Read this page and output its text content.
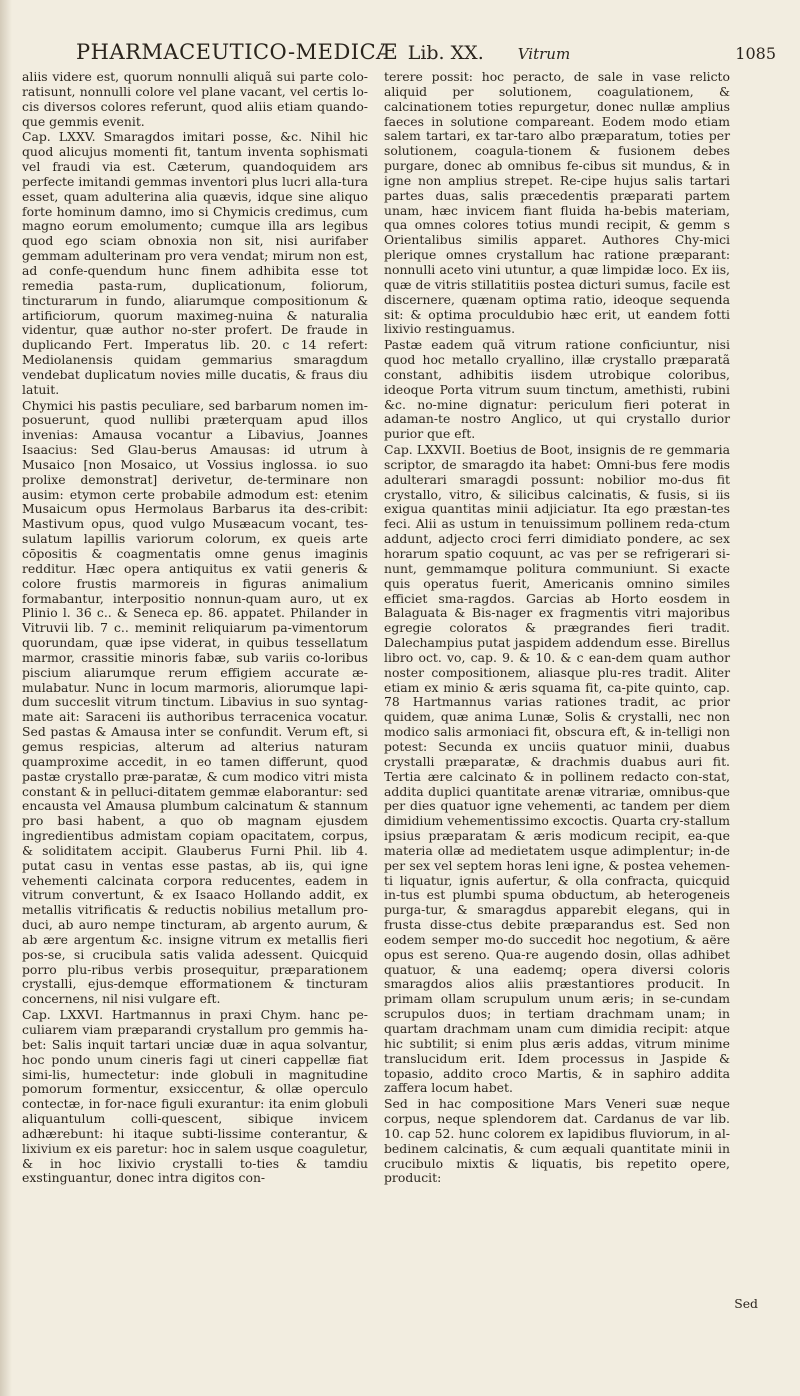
PHARMACEUTICO-MEDICÆ Lib. XX. Vitrum	1085

aliis videre est, quorum nonnulli aliquã sui parte colo-ratisunt, nonnulli colore vel plane vacant, vel certis lo-cis diversos colores referunt, quod aliis etiam quando-que gemmis evenit.

Cap. LXXV. Smaragdos imitari posse, &c. Nihil hic quod alicujus momenti fit, tantum inventa sophismati vel fraudi via est. Cæterum, quandoquidem ars perfecte imitandi gemmas inventori plus lucri alla-tura esset, quam adulterina alia quævis, idque sine aliquo forte hominum damno, imo si Chymicis credimus, cum magno eorum emolumento; cumque illa ars legibus quod ego sciam obnoxia non sit, nisi aurifaber gemmam adulterinam pro vera vendat; mirum non est, ad confe-quendum hunc finem adhibita esse tot remedia pasta-rum, duplicationum, foliorum, tincturarum in fundo, aliarumque compositionum & artificiorum, quorum maximeg-nuina & naturalia videntur, quæ author no-ster profert. De fraude in duplicando Fert. Imperatus lib. 20. c 14 refert: Mediolanensis quidam gemmarius smaragdum vendebat duplicatum novies mille ducatis, & fraus diu latuit.

Chymici his pastis peculiare, sed barbarum nomen im-posuerunt, quod nullibi præterquam apud illos invenias: Amausa vocantur a Libavius, Joannes Isaacius: Sed Glau-berus Amausas: id utrum à Musaico [non Mosaico, ut Vossius inglossa. io suo prolixe demonstrat] derivetur, de-terminare non ausim: etymon certe probabile admodum est: etenim Musaicum opus Hermolaus Barbarus ita des-cribit: Mastivum opus, quod vulgo Musæacum vocant, tes-sulatum lapillis variorum colorum, ex queis arte cōpositis & coagmentatis omne genus imaginis redditur. Hæc opera antiquitus ex vatii generis & colore frustis marmoreis in figuras animalium formabantur, interpositio nonnun-quam auro, ut ex Plinio l. 36 c.. & Seneca ep. 86. appatet. Philander in Vitruvii lib. 7 c.. meminit reliquiarum pa-vimentorum quorundam, quæ ipse viderat, in quibus tessellatum marmor, crassitie minoris fabæ, sub variis co-loribus piscium aliarumque rerum effigiem accurate æ-mulabatur. Nunc in locum marmoris, aliorumque lapi-dum succeslit vitrum tinctum. Libavius in suo syntag-mate ait: Saraceni iis authoribus terracenica vocatur. Sed pastas & Amausa inter se confundit. Verum eft, si gemus respicias, alterum ad alterius naturam quamproxime accedit, in eo tamen differunt, quod pastæ crystallo præ-paratæ, & cum modico vitri mista constant & in pelluci-ditatem gemmæ elaborantur: sed encausta vel Amausa plumbum calcinatum & stannum pro basi habent, a quo ob magnam ejusdem ingredientibus admistam copiam opacitatem, corpus, & soliditatem accipit. Glauberus Furni Phil. lib 4. putat casu in ventas esse pastas, ab iis, qui igne vehementi calcinata corpora reducentes, eadem in vitrum convertunt, & ex Isaaco Hollando addit, ex metallis vitrificatis & reductis nobilius metallum pro-duci, ab auro nempe tincturam, ab argento aurum, & ab ære argentum &c. insigne vitrum ex metallis fieri pos-se, si crucibula satis valida adessent. Quicquid porro plu-ribus verbis prosequitur, præparationem crystalli, ejus-demque efformationem & tincturam concernens, nil nisi vulgare eft.

Cap. LXXVI. Hartmannus in praxi Chym. hanc pe-culiarem viam præparandi crystallum pro gemmis ha-bet: Salis inquit tartari unciæ duæ in aqua solvantur, hoc pondo unum cineris fagi ut cineri cappellæ fiat simi-lis, humectetur: inde globuli in magnitudine pomorum formentur, exsiccentur, & ollæ operculo contectæ, in for-nace figuli exurantur: ita enim globuli aliquantulum colli-quescent, sibique invicem adhærebunt: hi itaque subti-lissime conterantur, & lixivium ex eis paretur: hoc in salem usque coaguletur, & in hoc lixivio crystalli to-ties & tamdiu exstinguantur, donec intra digitos con-

terere possit: hoc peracto, de sale in vase relicto aliquid per solutionem, coagulationem, & calcinationem toties repurgetur, donec nullæ amplius faeces in solutione compareant. Eodem modo etiam salem tartari, ex tar-taro albo præparatum, toties per solutionem, coagula-tionem & fusionem debes purgare, donec ab omnibus fe-cibus sit mundus, & in igne non amplius strepet. Re-cipe hujus salis tartari partes duas, salis præcedentis præparati partem unam, hæc invicem fiant fluida ha-bebis materiam, qua omnes colores totius mundi recipit, & gemm s Orientalibus similis apparet. Authores Chy-mici plerique omnes crystallum hac ratione præparant: nonnulli aceto vini utuntur, a quæ limpidæ loco. Ex iis, quæ de vitris stillatitiis postea dicturi sumus, facile est discernere, quænam optima ratio, ideoque sequenda sit: & optima proculdubio hæc erit, ut eandem fotti lixivio restinguamus.

Pastæ eadem quã vitrum ratione conficiuntur, nisi quod hoc metallo cryallino, illæ crystallo præparatã constant, adhibitis iisdem utrobique coloribus, ideoque Porta vitrum suum tinctum, amethisti, rubini &c. no-mine dignatur: periculum fieri poterat in adaman-te nostro Anglico, ut qui crystallo durior purior que eft.

Cap. LXXVII. Boetius de Boot, insignis de re gemmaria scriptor, de smaragdo ita habet: Omni-bus fere modis adulterari smaragdi possunt: nobilior mo-dus fit crystallo, vitro, & silicibus calcinatis, & fusis, si iis exigua quantitas minii adjiciatur. Ita ego præstan-tes feci. Alii as ustum in tenuissimum pollinem reda-ctum addunt, adjecto croci ferri dimidiato pondere, ac sex horarum spatio coquunt, ac vas per se refrigerari si-nunt, gemmamque politura communiunt. Si exacte quis operatus fuerit, Americanis omnino similes efficiet sma-ragdos. Garcias ab Horto eosdem in Balaguata & Bis-nager ex fragmentis vitri majoribus egregie coloratos & prægrandes fieri tradit. Dalechampius putat jaspidem addendum esse. Birellus libro oct. vo, cap. 9. & 10. & c ean-dem quam author noster compositionem, aliasque plu-res tradit. Aliter etiam ex minio & æris squama fit, ca-pite quinto, cap. 78 Hartmannus varias rationes tradit, ac prior quidem, quæ anima Lunæ, Solis & crystalli, nec non modico salis armoniaci fit, obscura eft, & in-telligi non potest: Secunda ex unciis quatuor minii, duabus crystalli præparatæ, & drachmis duabus auri fit. Tertia ære calcinato & in pollinem redacto con-stat, addita duplici quantitate arenæ vitrariæ, omnibus-que per dies quatuor igne vehementi, ac tandem per diem dimidium vehementissimo excoctis. Quarta cry-stallum ipsius præparatam & æris modicum recipit, ea-que materia ollæ ad medietatem usque adimplentur; in-de per sex vel septem horas leni igne, & postea vehemen-ti liquatur, ignis aufertur, & olla confracta, quicquid in-tus est plumbi spuma obductum, ab heterogeneis purga-tur, & smaragdus apparebit elegans, qui in frusta disse-ctus debite præparandus est. Sed non eodem semper mo-do succedit hoc negotium, & aëre opus est sereno. Qua-re augendo dosin, ollas adhibet quatuor, & una eademq; opera diversi coloris smaragdos alios aliis præstantiores producit. In primam ollam scrupulum unum æris; in se-cundam scrupulos duos; in tertiam drachmam unam; in quartam drachmam unam cum dimidia recipit: atque hic subtilit; si enim plus æris addas, vitrum minime translucidum erit. Idem processus in Jaspide & topasio, addito croco Martis, & in saphiro addita zaffera locum habet.

Sed in hac compositione Mars Veneri suæ neque corpus, neque splendorem dat. Cardanus de var lib. 10. cap 52. hunc colorem ex lapidibus fluviorum, in al-bedinem calcinatis, & cum æquali quantitate minii in crucibulo mixtis & liquatis, bis repetito opere, producit:

Sed
